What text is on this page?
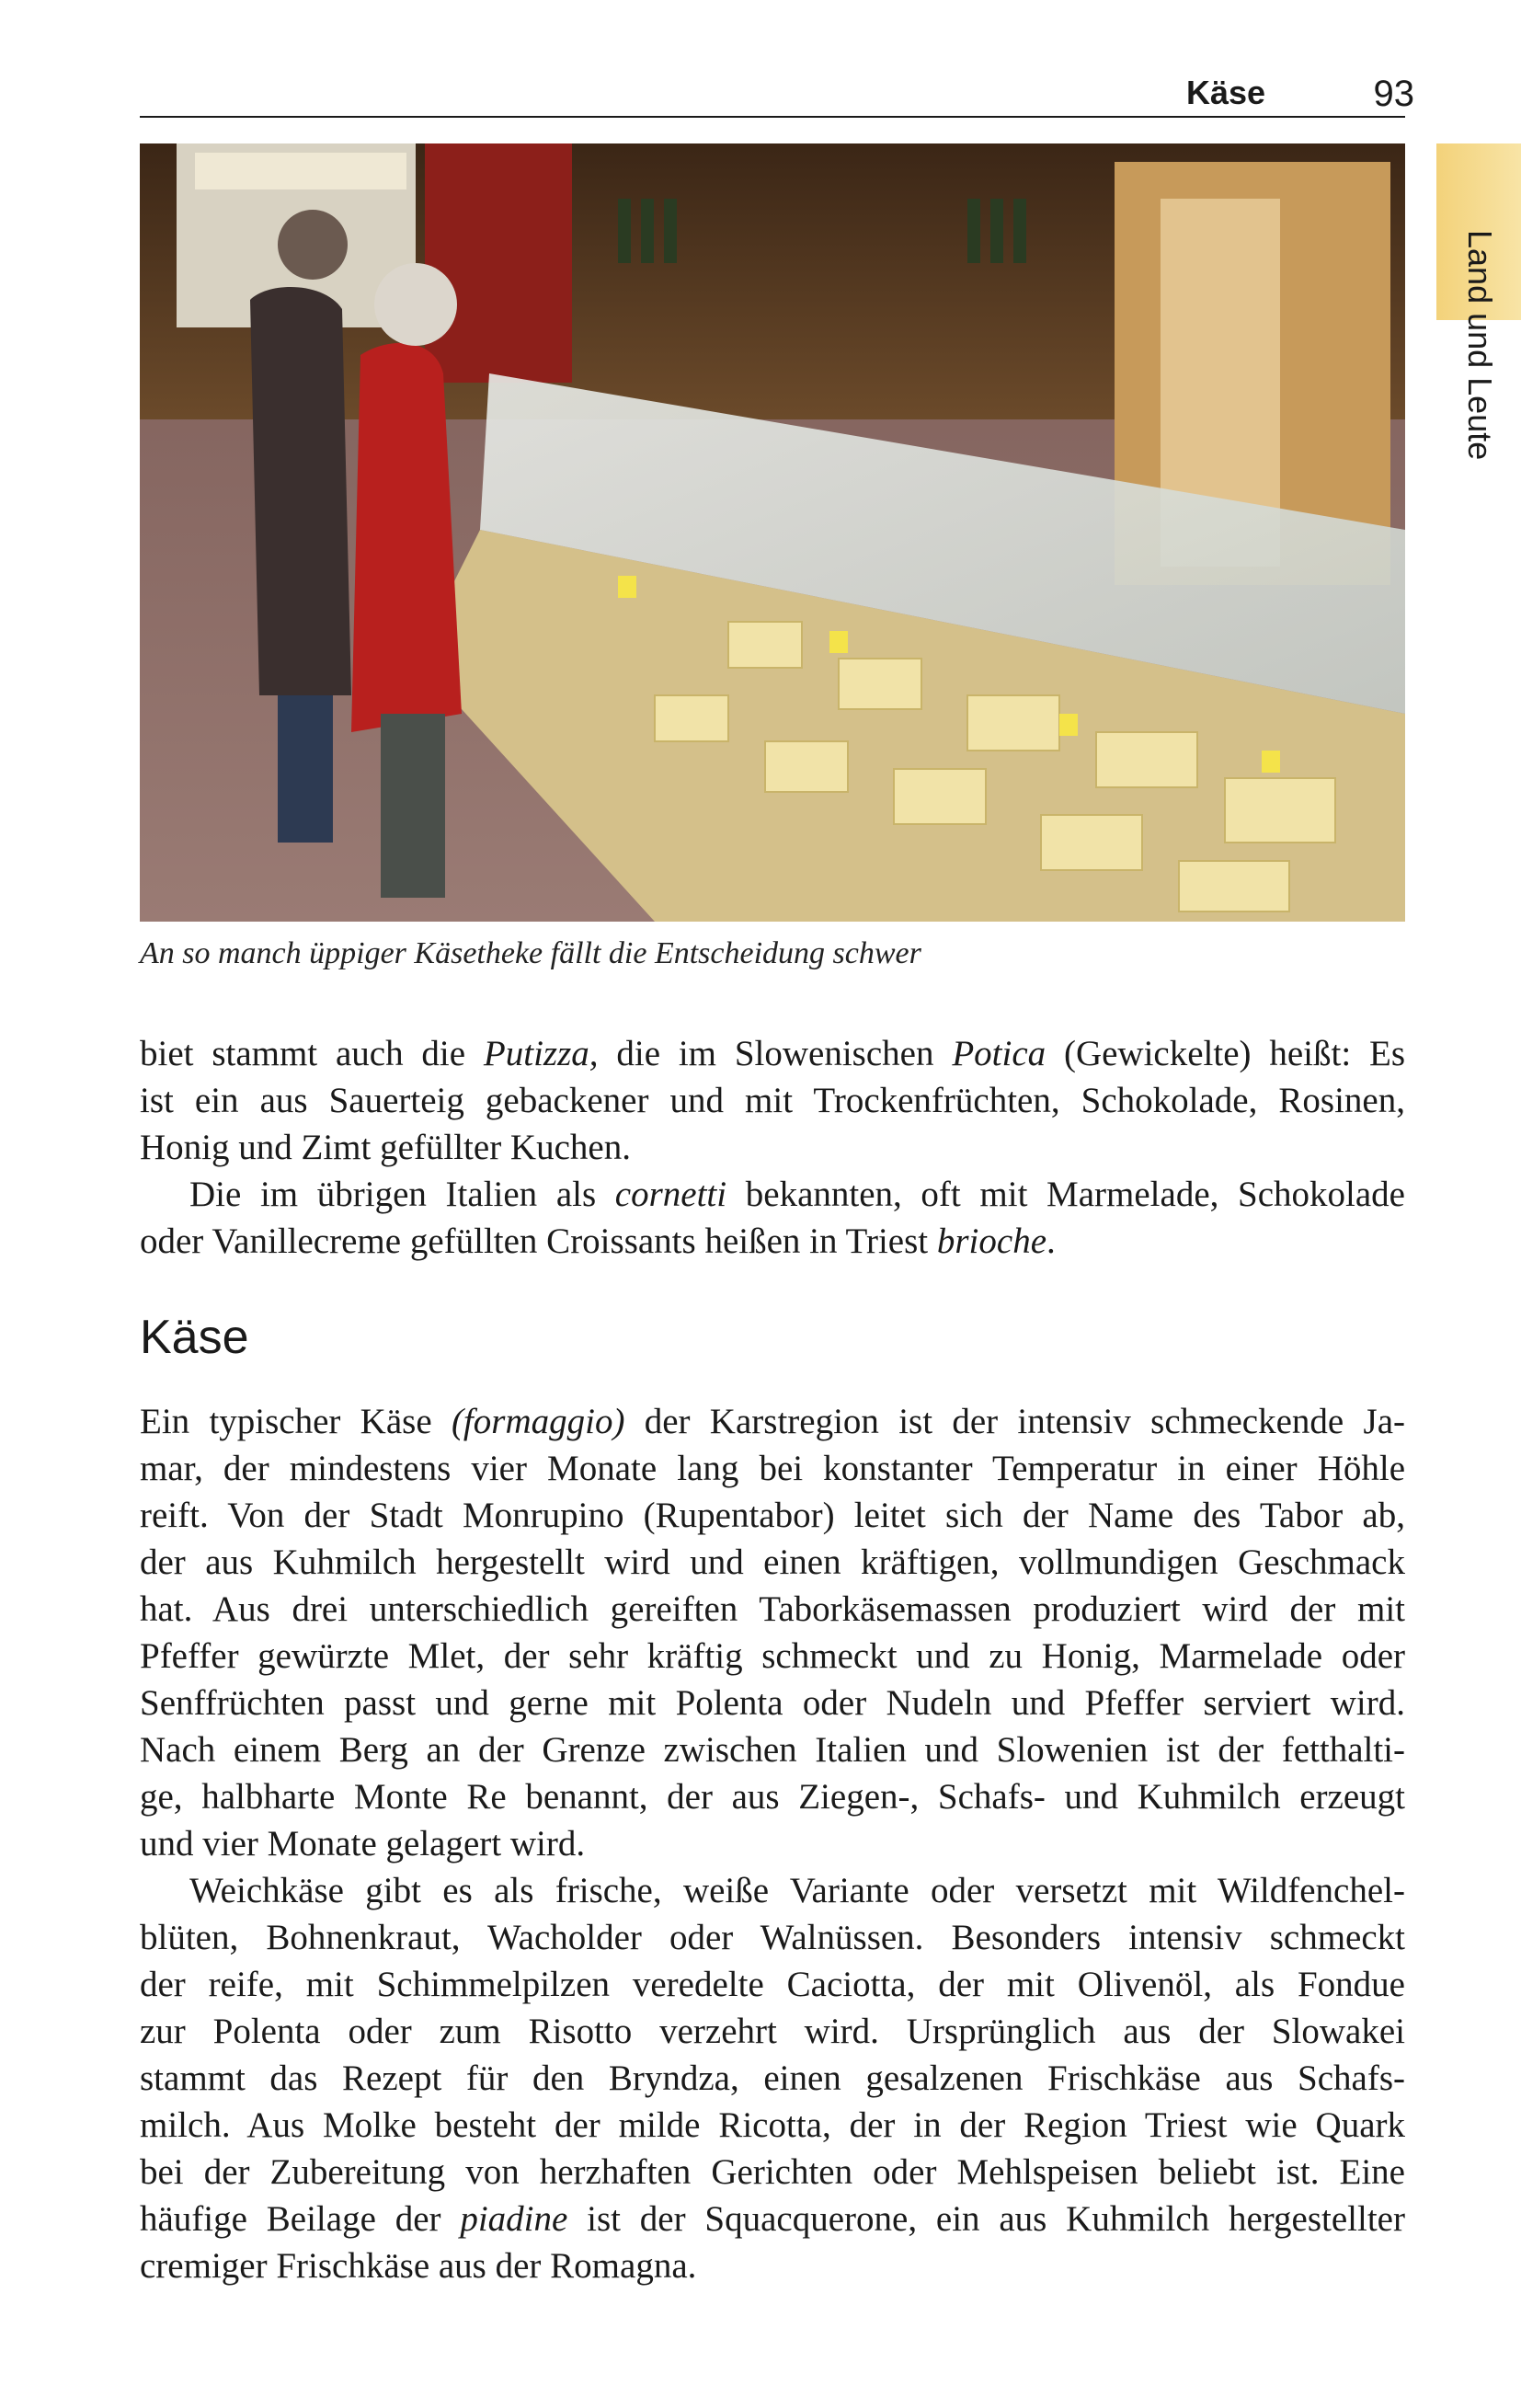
Käse	93
Land und Leute
An so manch üppiger Käsetheke fällt die Entscheidung schwer

biet stammt auch die Putizza, die im Slowenischen Potica (Gewickelte) heißt: Es
ist ein aus Sauerteig gebackener und mit Trockenfrüchten, Schokolade, Rosinen,
Honig und Zimt gefüllter Kuchen.

Die im übrigen Italien als cornetti bekannten, oft mit Marmelade, Schokolade
oder Vanillecreme gefüllten Croissants heißen in Triest brioche.

Käse

Ein typischer Käse (formaggio) der Karstregion ist der intensiv schmeckende Ja-
mar, der mindestens vier Monate lang bei konstanter Temperatur in einer Höhle
reift. Von der Stadt Monrupino (Rupentabor) leitet sich der Name des Tabor ab,
der aus Kuhmilch hergestellt wird und einen kräftigen, vollmundigen Geschmack
hat. Aus drei unterschiedlich gereiften Taborkäsemassen produziert wird der mit
Pfeffer gewürzte Mlet, der sehr kräftig schmeckt und zu Honig, Marmelade oder
Senffrüchten passt und gerne mit Polenta oder Nudeln und Pfeffer serviert wird.
Nach einem Berg an der Grenze zwischen Italien und Slowenien ist der fetthalti-
ge, halbharte Monte Re benannt, der aus Ziegen-, Schafs- und Kuhmilch erzeugt
und vier Monate gelagert wird.

Weichkäse gibt es als frische, weiße Variante oder versetzt mit Wildfenchel-
blüten, Bohnenkraut, Wacholder oder Walnüssen. Besonders intensiv schmeckt
der reife, mit Schimmelpilzen veredelte Caciotta, der mit Olivenöl, als Fondue
zur Polenta oder zum Risotto verzehrt wird. Ursprünglich aus der Slowakei
stammt das Rezept für den Bryndza, einen gesalzenen Frischkäse aus Schafs-
milch. Aus Molke besteht der milde Ricotta, der in der Region Triest wie Quark
bei der Zubereitung von herzhaften Gerichten oder Mehlspeisen beliebt ist. Eine
häufige Beilage der piadine ist der Squacquerone, ein aus Kuhmilch hergestellter
cremiger Frischkäse aus der Romagna.
